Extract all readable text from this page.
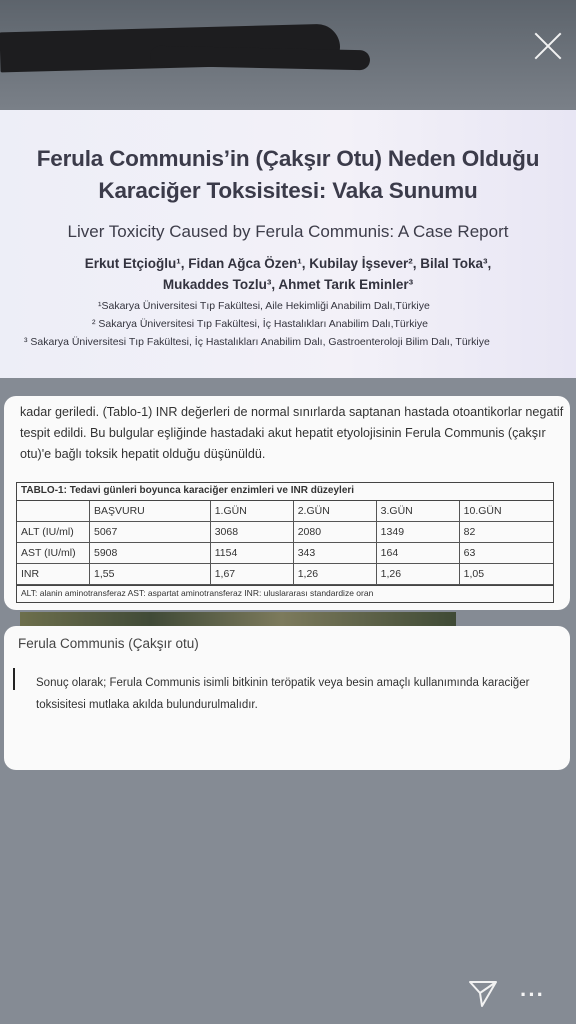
Ferula Communis’in (Çakşır Otu) Neden Olduğu
Karaciğer Toksisitesi: Vaka Sunumu
Liver Toxicity Caused by Ferula Communis: A Case Report
Erkut Etçioğlu¹, Fidan Ağca Özen¹, Kubilay İşsever², Bilal Toka³,
Mukaddes Tozlu³, Ahmet Tarık Eminler³
¹Sakarya Üniversitesi Tıp Fakültesi, Aile Hekimliği Anabilim Dalı,Türkiye
² Sakarya Üniversitesi Tıp Fakültesi, İç Hastalıkları Anabilim Dalı,Türkiye
³ Sakarya Üniversitesi Tıp Fakültesi, İç Hastalıkları Anabilim Dalı, Gastroenteroloji Bilim Dalı, Türkiye
kadar geriledi. (Tablo-1) INR değerleri de normal sınırlarda saptanan hastada otoantikorlar negatif
tespit edildi. Bu bulgular eşliğinde hastadaki akut hepatit etyolojisinin Ferula Communis (çakşır
otu)'e bağlı toksik hepatit olduğu düşünüldü.
TABLO-1: Tedavi günleri boyunca karaciğer enzimleri ve INR düzeyleri
	BAŞVURU	1.GÜN	2.GÜN	3.GÜN	10.GÜN
ALT (IU/ml)	5067	3068	2080	1349	82
AST (IU/ml)	5908	1154	343	164	63
INR	1,55	1,67	1,26	1,26	1,05
ALT: alanin aminotransferaz AST: aspartat aminotransferaz INR: uluslararası standardize oran
Ferula Communis (Çakşır otu)
Sonuç olarak; Ferula Communis isimli bitkinin teröpatik veya besin amaçlı kullanımında karaciğer
toksisitesi mutlaka akılda bulundurulmalıdır.
···
